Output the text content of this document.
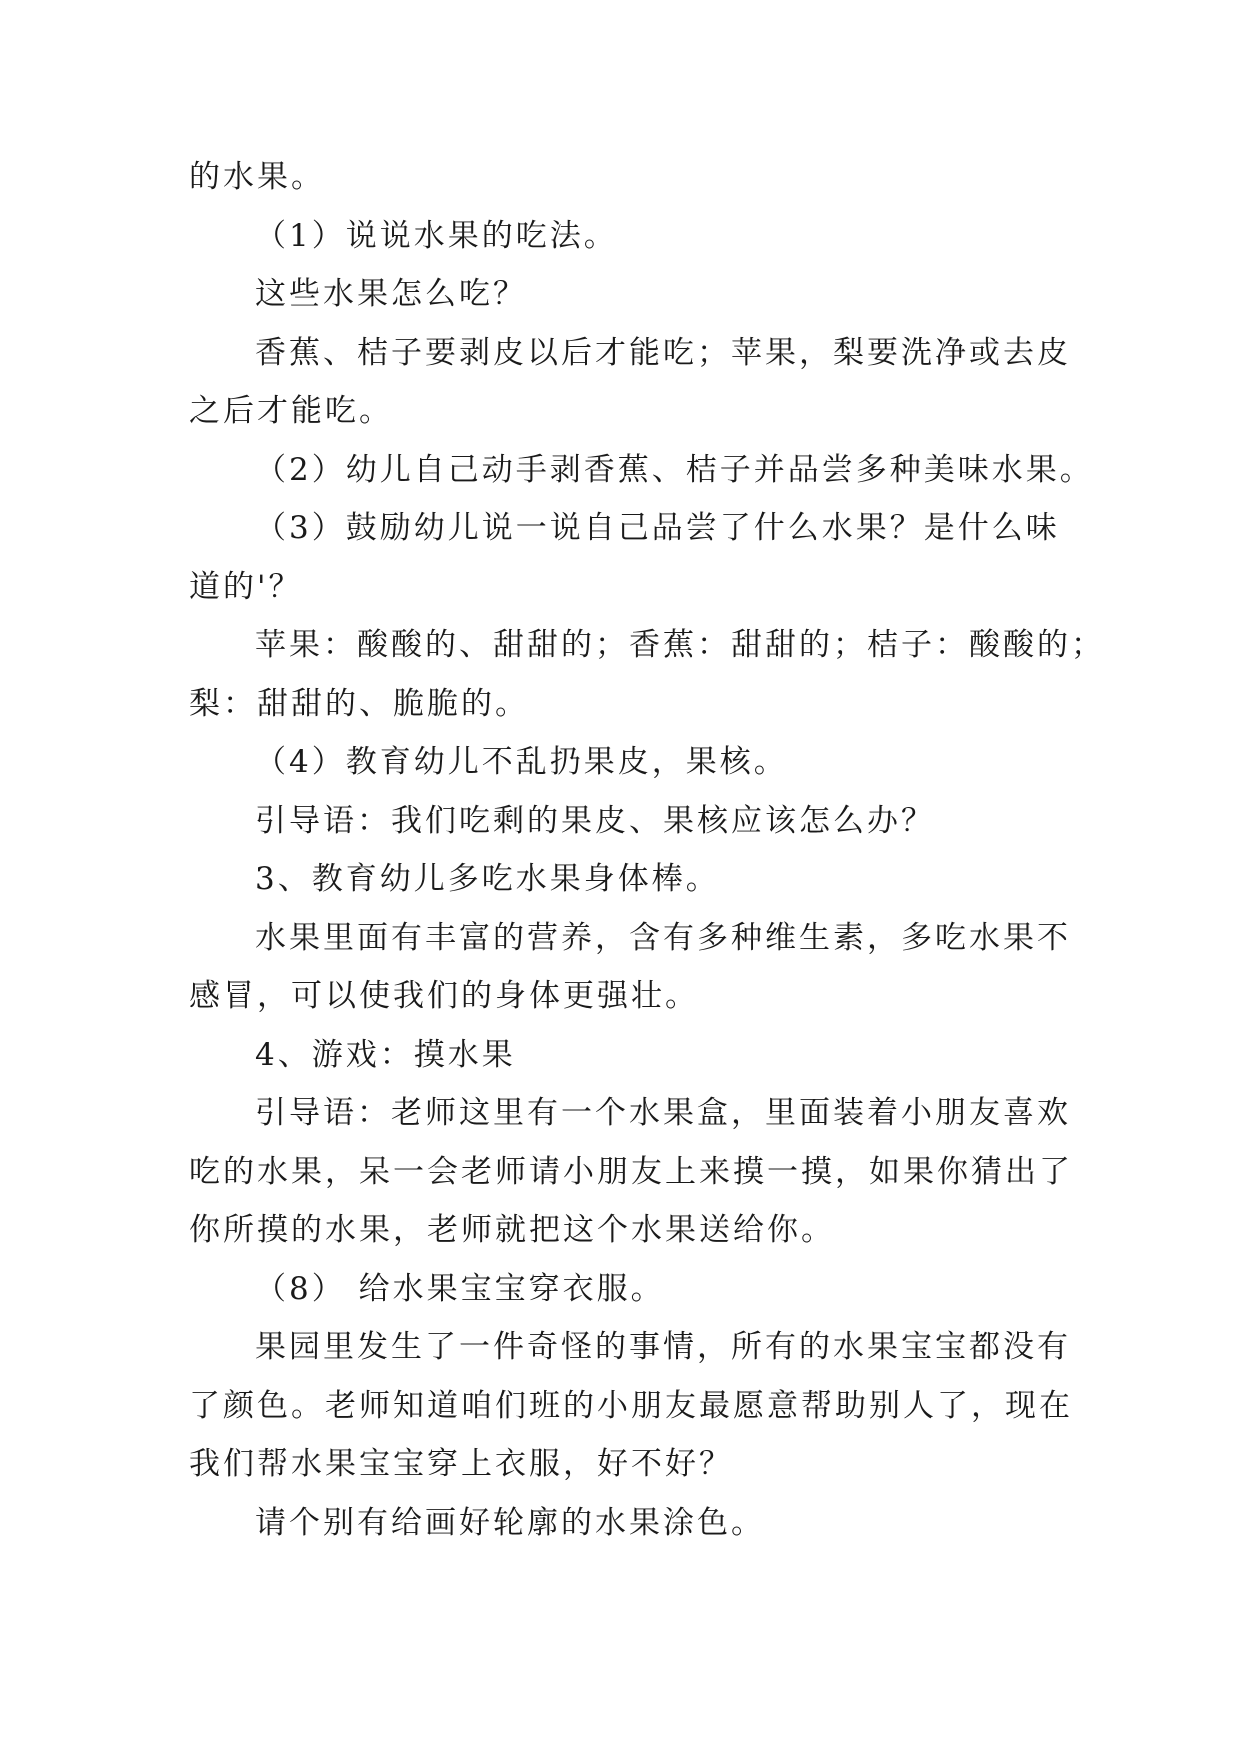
的水果。
（1）说说水果的吃法。
这些水果怎么吃？
香蕉、桔子要剥皮以后才能吃；苹果，梨要洗净或去皮
之后才能吃。
（2）幼儿自己动手剥香蕉、桔子并品尝多种美味水果。
（3）鼓励幼儿说一说自己品尝了什么水果？是什么味
道的'？
苹果：酸酸的、甜甜的；香蕉：甜甜的；桔子：酸酸的；
梨：甜甜的、脆脆的。
（4）教育幼儿不乱扔果皮，果核。
引导语：我们吃剩的果皮、果核应该怎么办？
3、教育幼儿多吃水果身体棒。
水果里面有丰富的营养，含有多种维生素，多吃水果不
感冒，可以使我们的身体更强壮。
4、游戏：摸水果
引导语：老师这里有一个水果盒，里面装着小朋友喜欢
吃的水果，呆一会老师请小朋友上来摸一摸，如果你猜出了
你所摸的水果，老师就把这个水果送给你。
（8） 给水果宝宝穿衣服。
果园里发生了一件奇怪的事情，所有的水果宝宝都没有
了颜色。老师知道咱们班的小朋友最愿意帮助别人了，现在
我们帮水果宝宝穿上衣服，好不好？
请个别有给画好轮廓的水果涂色。
